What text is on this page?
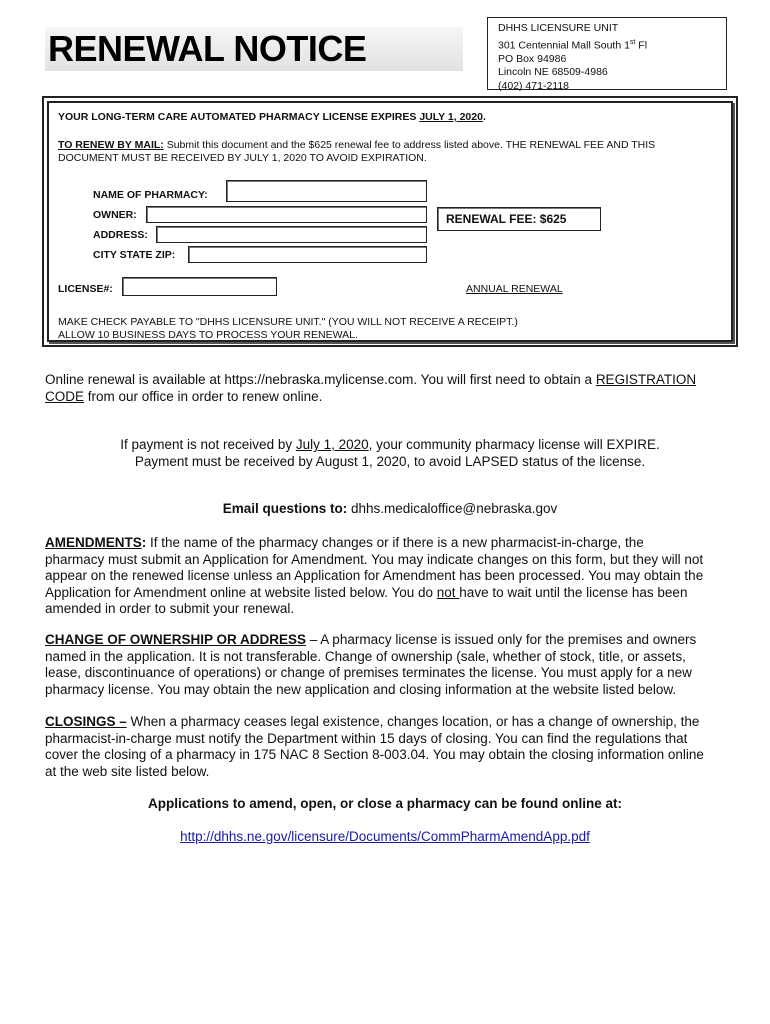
RENEWAL NOTICE	DHHS LICENSURE UNIT
301 Centennial Mall South 1st Fl
PO Box 94986
Lincoln NE 68509-4986
(402) 471-2118
YOUR LONG-TERM CARE AUTOMATED PHARMACY LICENSE EXPIRES JULY 1, 2020.
TO RENEW BY MAIL: Submit this document and the $625 renewal fee to address listed above. THE RENEWAL FEE AND THIS
DOCUMENT MUST BE RECEIVED BY JULY 1, 2020 TO AVOID EXPIRATION.
NAME OF PHARMACY:
OWNER:
ADDRESS:
CITY STATE ZIP:
RENEWAL FEE: $625
LICENSE#:	ANNUAL RENEWAL
MAKE CHECK PAYABLE TO "DHHS LICENSURE UNIT." (YOU WILL NOT RECEIVE A RECEIPT.)
ALLOW 10 BUSINESS DAYS TO PROCESS YOUR RENEWAL.
Online renewal is available at https://nebraska.mylicense.com. You will first need to obtain a REGISTRATION
CODE from our office in order to renew online.
If payment is not received by July 1, 2020, your community pharmacy license will EXPIRE.
Payment must be received by August 1, 2020, to avoid LAPSED status of the license.
Email questions to: dhhs.medicaloffice@nebraska.gov
AMENDMENTS: If the name of the pharmacy changes or if there is a new pharmacist-in-charge, the
pharmacy must submit an Application for Amendment. You may indicate changes on this form, but they will not
appear on the renewed license unless an Application for Amendment has been processed. You may obtain the
Application for Amendment online at website listed below. You do not have to wait until the license has been
amended in order to submit your renewal.
CHANGE OF OWNERSHIP OR ADDRESS – A pharmacy license is issued only for the premises and owners
named in the application. It is not transferable. Change of ownership (sale, whether of stock, title, or assets,
lease, discontinuance of operations) or change of premises terminates the license. You must apply for a new
pharmacy license. You may obtain the new application and closing information at the website listed below.
CLOSINGS – When a pharmacy ceases legal existence, changes location, or has a change of ownership, the
pharmacist-in-charge must notify the Department within 15 days of closing. You can find the regulations that
cover the closing of a pharmacy in 175 NAC 8 Section 8-003.04. You may obtain the closing information online
at the web site listed below.
Applications to amend, open, or close a pharmacy can be found online at:
http://dhhs.ne.gov/licensure/Documents/CommPharmAmendApp.pdf
